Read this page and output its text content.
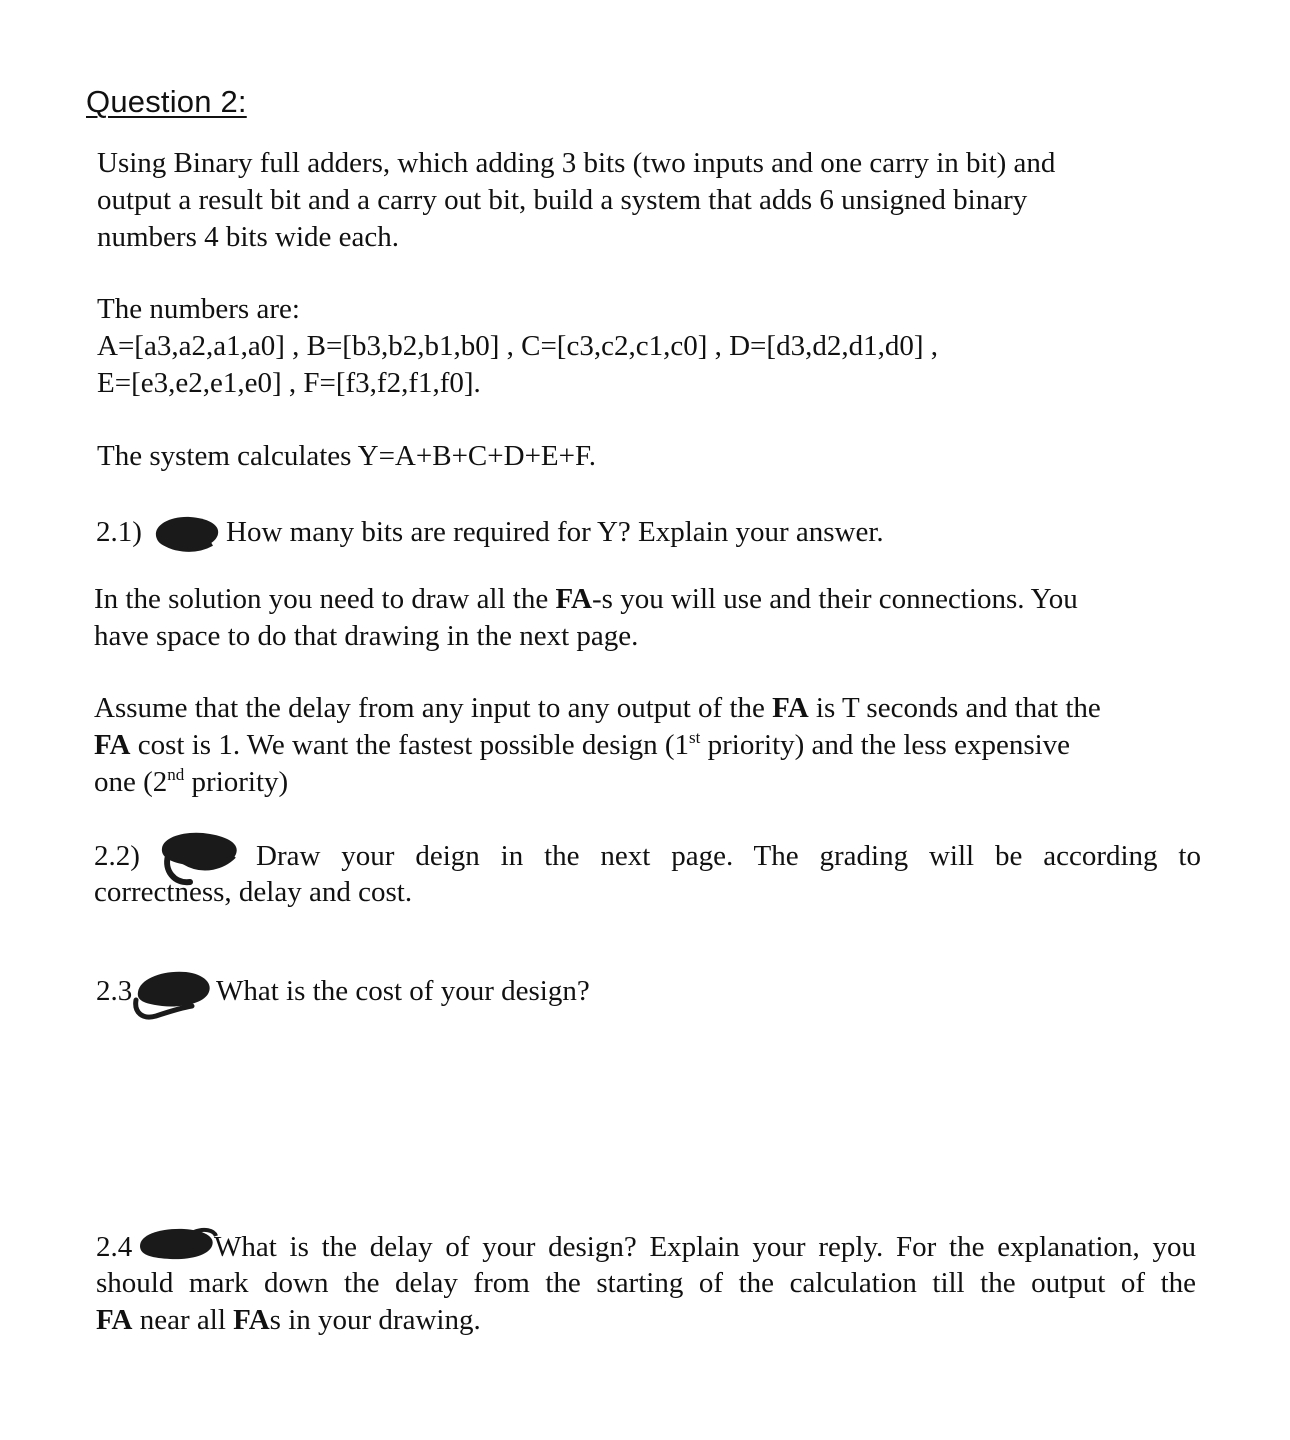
Question 2:
Using Binary full adders, which adding 3 bits (two inputs and one carry in bit) and
output a result bit and a carry out bit, build a system that adds 6 unsigned binary
numbers 4 bits wide each.
The numbers are:
A=[a3,a2,a1,a0] , B=[b3,b2,b1,b0] , C=[c3,c2,c1,c0] , D=[d3,d2,d1,d0] ,
E=[e3,e2,e1,e0] , F=[f3,f2,f1,f0].
The system calculates Y=A+B+C+D+E+F.
2.1)	How many bits are required for Y? Explain your answer.
In the solution you need to draw all the FA-s you will use and their connections. You
have space to do that drawing in the next page.
Assume that the delay from any input to any output of the FA is T seconds and that the
FA cost is 1. We want the fastest possible design (1st priority) and the less expensive
one (2nd priority)
2.2)	Draw your deign in the next page. The grading will be according to
correctness, delay and cost.
2.3	What is the cost of your design?
2.4	What is the delay of your design? Explain your reply. For the explanation, you
should mark down the delay from the starting of the calculation till the output of the
FA near all FAs in your drawing.
